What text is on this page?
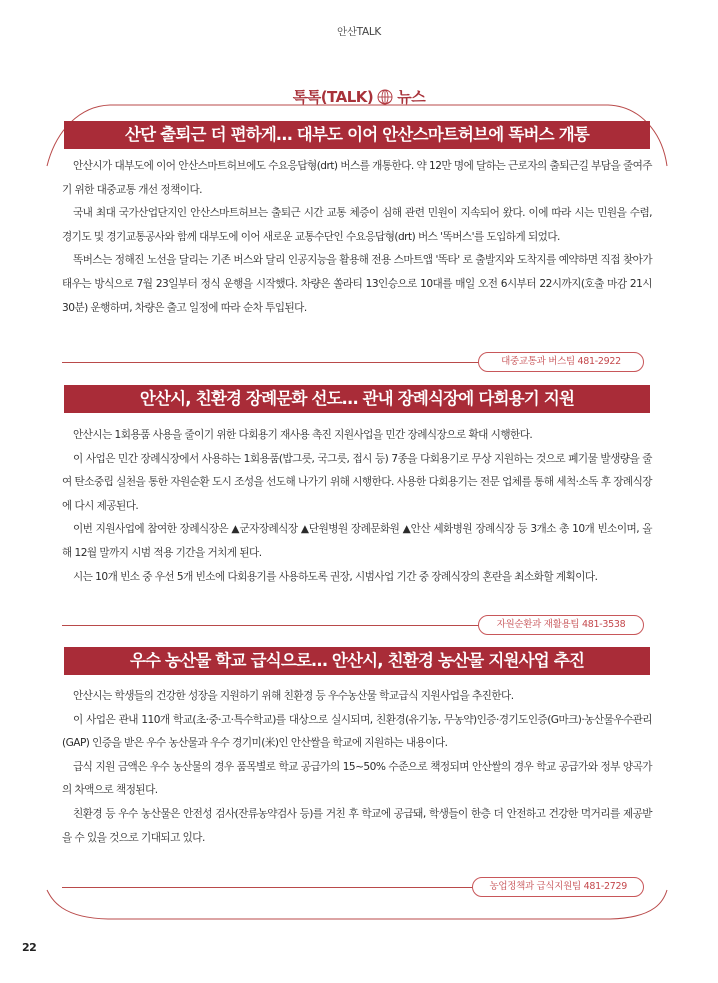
안산TALK
톡톡(TALK) 뉴스
산단 출퇴근 더 편하게… 대부도 이어 안산스마트허브에 똑버스 개통

안산시가 대부도에 이어 안산스마트허브에도 수요응답형(drt) 버스를 개통한다. 약 12만 명에 달하는 근로자의 출퇴근길 부담을 줄여주기 위한 대중교통 개선 정책이다.

국내 최대 국가산업단지인 안산스마트허브는 출퇴근 시간 교통 체증이 심해 관련 민원이 지속되어 왔다. 이에 따라 시는 민원을 수렴, 경기도 및 경기교통공사와 함께 대부도에 이어 새로운 교통수단인 수요응답형(drt) 버스 '똑버스'를 도입하게 되었다.

똑버스는 정해진 노선을 달리는 기존 버스와 달리 인공지능을 활용해 전용 스마트앱 '똑타' 로 출발지와 도착지를 예약하면 직접 찾아가 태우는 방식으로 7월 23일부터 정식 운행을 시작했다. 차량은 쏠라티 13인승으로 10대를 매일 오전 6시부터 22시까지(호출 마감 21시 30분) 운행하며, 차량은 출고 일정에 따라 순차 투입된다.

대중교통과 버스팀 481-2922
안산시, 친환경 장례문화 선도… 관내 장례식장에 다회용기 지원

안산시는 1회용품 사용을 줄이기 위한 다회용기 재사용 촉진 지원사업을 민간 장례식장으로 확대 시행한다.

이 사업은 민간 장례식장에서 사용하는 1회용품(밥그릇, 국그릇, 접시 등) 7종을 다회용기로 무상 지원하는 것으로 폐기물 발생량을 줄여 탄소중립 실천을 통한 자원순환 도시 조성을 선도해 나가기 위해 시행한다. 사용한 다회용기는 전문 업체를 통해 세척·소독 후 장례식장에 다시 제공된다.

이번 지원사업에 참여한 장례식장은 ▲군자장례식장 ▲단원병원 장례문화원 ▲안산 세화병원 장례식장 등 3개소 총 10개 빈소이며, 올해 12월 말까지 시범 적용 기간을 거치게 된다.

시는 10개 빈소 중 우선 5개 빈소에 다회용기를 사용하도록 권장, 시범사업 기간 중 장례식장의 혼란을 최소화할 계획이다.

자원순환과 재활용팀 481-3538
우수 농산물 학교 급식으로… 안산시, 친환경 농산물 지원사업 추진

안산시는 학생들의 건강한 성장을 지원하기 위해 친환경 등 우수농산물 학교급식 지원사업을 추진한다.

이 사업은 관내 110개 학교(초·중·고·특수학교)를 대상으로 실시되며, 친환경(유기농, 무농약)인증·경기도인증(G마크)·농산물우수관리(GAP) 인증을 받은 우수 농산물과 우수 경기미(米)인 안산쌀을 학교에 지원하는 내용이다.

급식 지원 금액은 우수 농산물의 경우 품목별로 학교 공급가의 15~50% 수준으로 책정되며 안산쌀의 경우 학교 공급가와 정부 양곡가의 차액으로 책정된다.

친환경 등 우수 농산물은 안전성 검사(잔류농약검사 등)를 거친 후 학교에 공급돼, 학생들이 한층 더 안전하고 건강한 먹거리를 제공받을 수 있을 것으로 기대되고 있다.

농업정책과 급식지원팀 481-2729
22
